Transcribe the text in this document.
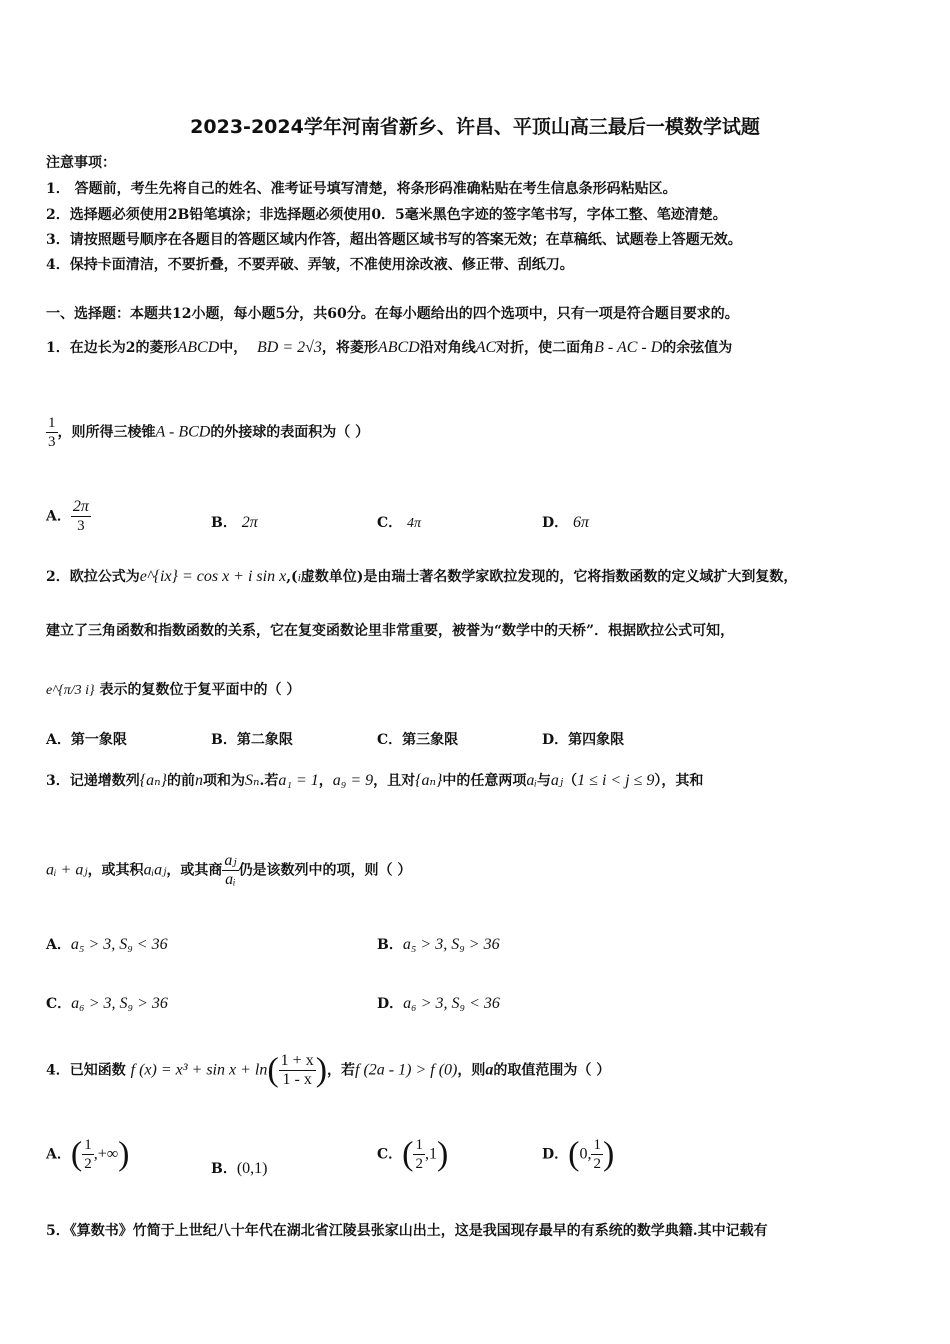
2023-2024学年河南省新乡、许昌、平顶山高三最后一模数学试题
注意事项：
1． 答题前，考生先将自己的姓名、准考证号填写清楚，将条形码准确粘贴在考生信息条形码粘贴区。
2．选择题必须使用2B铅笔填涂；非选择题必须使用0．5毫米黑色字迹的签字笔书写，字体工整、笔迹清楚。
3．请按照题号顺序在各题目的答题区域内作答，超出答题区域书写的答案无效；在草稿纸、试题卷上答题无效。
4．保持卡面清洁，不要折叠，不要弄破、弄皱，不准使用涂改液、修正带、刮纸刀。
一、选择题：本题共12小题，每小题5分，共60分。在每小题给出的四个选项中，只有一项是符合题目要求的。
1．在边长为2的菱形ABCD中， BD = 2√3，将菱形ABCD沿对角线AC对折，使二面角B - AC - D的余弦值为
$\frac{1}{3}$ ，则所得三棱锥A - BCD的外接球的表面积为（ ）
A． $\frac{2\pi}{3}$	B． 2π	C． 4π	D． 6π
2．欧拉公式为e^{ix} = cos x + i sin x,(i虚数单位)是由瑞士著名数学家欧拉发现的，它将指数函数的定义域扩大到复数，
建立了三角函数和指数函数的关系，它在复变函数论里非常重要，被誉为“数学中的天桥”．根据欧拉公式可知，
e^{π/3 i} 表示的复数位于复平面中的（ ）
A．第一象限	B．第二象限	C．第三象限	D．第四象限
3．记递增数列{aₙ}的前n项和为Sₙ.若a₁ = 1，a₉ = 9，且对{aₙ}中的任意两项aᵢ与aⱼ（1 ≤ i < j ≤ 9），其和
aᵢ + aⱼ，或其积aᵢaⱼ，或其商 $\frac{\text{aⱼ}}{\text{aᵢ}}$ 仍是该数列中的项，则（ ）
A．a₅ > 3, S₉ < 36	B．a₅ > 3, S₉ > 36
C．a₆ > 3, S₉ > 36	D．a₆ > 3, S₉ < 36
4．已知函数 f $(x) = x^3 + \sin x + \ln( \frac{1 + x}{1 - x}$ )，若f (2a - 1) > f (0)，则a的取值范围为（ ）
A．( $\frac{1}{2}$ ,+∞)	B．(0,1)
C．( $\frac{1}{2} ,1$)	D．(0, $\frac{1}{2}$ )
5．《算数书》竹简于上世纪八十年代在湖北省江陵县张家山出土，这是我国现存最早的有系统的数学典籍.其中记载有
